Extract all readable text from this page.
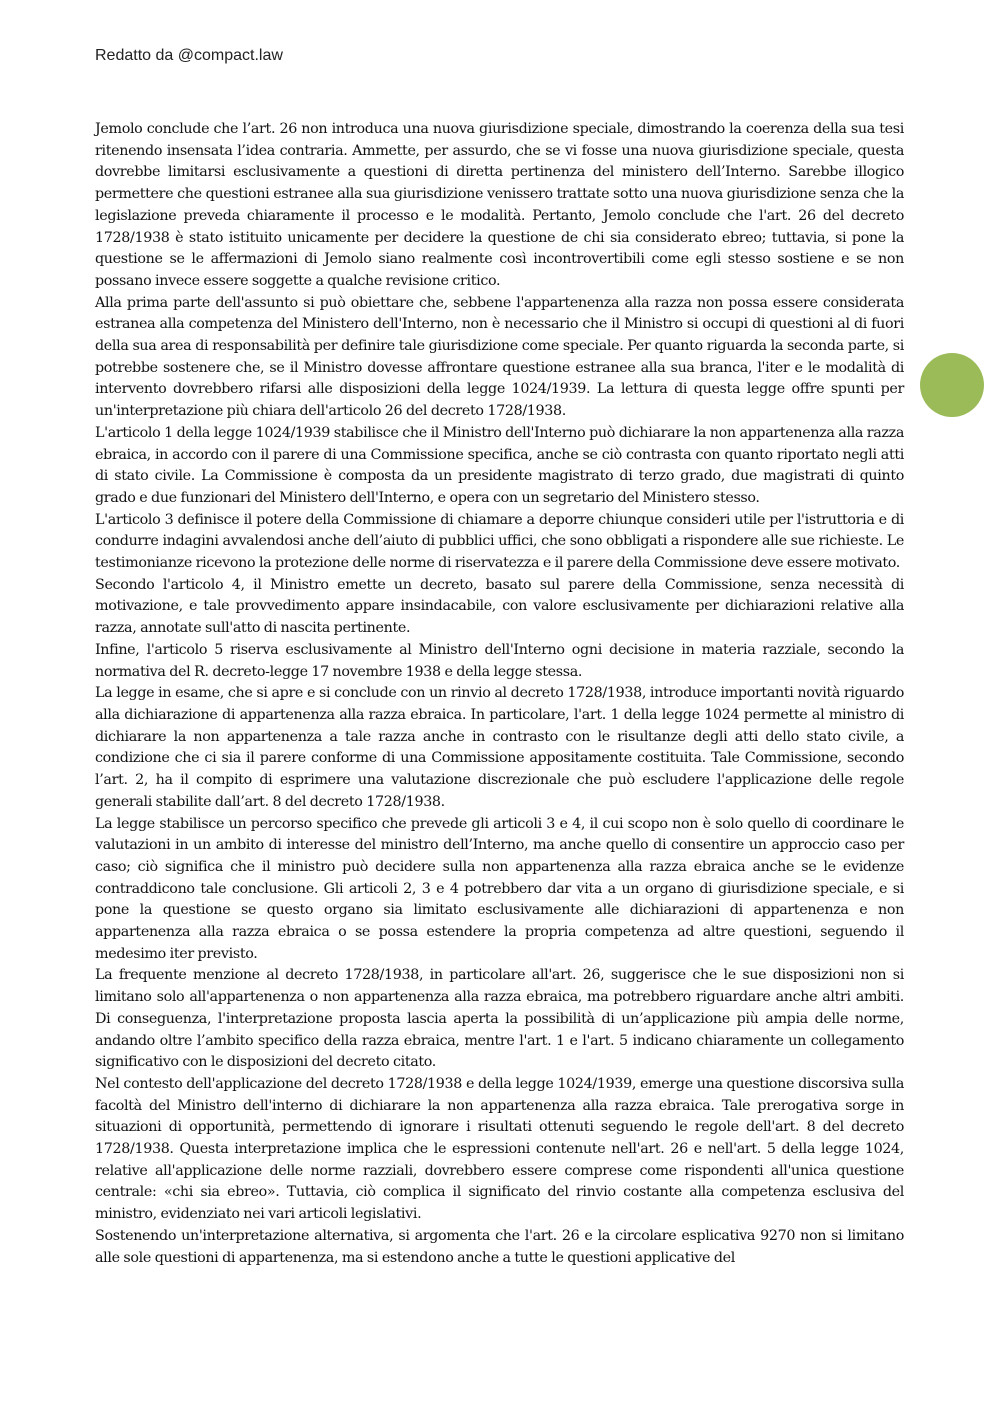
Redatto da @compact.law

Jemolo conclude che l’art. 26 non introduca una nuova giurisdizione speciale, dimostrando la coerenza della sua tesi ritenendo insensata l’idea contraria. Ammette, per assurdo, che se vi fosse una nuova giurisdizione speciale, questa dovrebbe limitarsi esclusivamente a questioni di diretta pertinenza del ministero dell’Interno. Sarebbe illogico permettere che questioni estranee alla sua giurisdizione venissero trattate sotto una nuova giurisdizione senza che la legislazione preveda chiaramente il processo e le modalità. Pertanto, Jemolo conclude che l'art. 26 del decreto 1728/1938 è stato istituito unicamente per decidere la questione de chi sia considerato ebreo; tuttavia, si pone la questione se le affermazioni di Jemolo siano realmente così incontrovertibili come egli stesso sostiene e se non possano invece essere soggette a qualche revisione critico.

Alla prima parte dell'assunto si può obiettare che, sebbene l'appartenenza alla razza non possa essere considerata estranea alla competenza del Ministero dell'Interno, non è necessario che il Ministro si occupi di questioni al di fuori della sua area di responsabilità per definire tale giurisdizione come speciale. Per quanto riguarda la seconda parte, si potrebbe sostenere che, se il Ministro dovesse affrontare questione estranee alla sua branca, l'iter e le modalità di intervento dovrebbero rifarsi alle disposizioni della legge 1024/1939. La lettura di questa legge offre spunti per un'interpretazione più chiara dell'articolo 26 del decreto 1728/1938.

L'articolo 1 della legge 1024/1939 stabilisce che il Ministro dell'Interno può dichiarare la non appartenenza alla razza ebraica, in accordo con il parere di una Commissione specifica, anche se ciò contrasta con quanto riportato negli atti di stato civile. La Commissione è composta da un presidente magistrato di terzo grado, due magistrati di quinto grado e due funzionari del Ministero dell'Interno, e opera con un segretario del Ministero stesso.

L'articolo 3 definisce il potere della Commissione di chiamare a deporre chiunque consideri utile per l'istruttoria e di condurre indagini avvalendosi anche dell’aiuto di pubblici uffici, che sono obbligati a rispondere alle sue richieste. Le testimonianze ricevono la protezione delle norme di riservatezza e il parere della Commissione deve essere motivato.

Secondo l'articolo 4, il Ministro emette un decreto, basato sul parere della Commissione, senza necessità di motivazione, e tale provvedimento appare insindacabile, con valore esclusivamente per dichiarazioni relative alla razza, annotate sull'atto di nascita pertinente.

Infine, l'articolo 5 riserva esclusivamente al Ministro dell'Interno ogni decisione in materia razziale, secondo la normativa del R. decreto-legge 17 novembre 1938 e della legge stessa.

La legge in esame, che si apre e si conclude con un rinvio al decreto 1728/1938, introduce importanti novità riguardo alla dichiarazione di appartenenza alla razza ebraica. In particolare, l'art. 1 della legge 1024 permette al ministro di dichiarare la non appartenenza a tale razza anche in contrasto con le risultanze degli atti dello stato civile, a condizione che ci sia il parere conforme di una Commissione appositamente costituita. Tale Commissione, secondo l’art. 2, ha il compito di esprimere una valutazione discrezionale che può escludere l'applicazione delle regole generali stabilite dall’art. 8 del decreto 1728/1938.

La legge stabilisce un percorso specifico che prevede gli articoli 3 e 4, il cui scopo non è solo quello di coordinare le valutazioni in un ambito di interesse del ministro dell’Interno, ma anche quello di consentire un approccio caso per caso; ciò significa che il ministro può decidere sulla non appartenenza alla razza ebraica anche se le evidenze contraddicono tale conclusione. Gli articoli 2, 3 e 4 potrebbero dar vita a un organo di giurisdizione speciale, e si pone la questione se questo organo sia limitato esclusivamente alle dichiarazioni di appartenenza e non appartenenza alla razza ebraica o se possa estendere la propria competenza ad altre questioni, seguendo il medesimo iter previsto.

La frequente menzione al decreto 1728/1938, in particolare all'art. 26, suggerisce che le sue disposizioni non si limitano solo all'appartenenza o non appartenenza alla razza ebraica, ma potrebbero riguardare anche altri ambiti. Di conseguenza, l'interpretazione proposta lascia aperta la possibilità di un’applicazione più ampia delle norme, andando oltre l’ambito specifico della razza ebraica, mentre l'art. 1 e l'art. 5 indicano chiaramente un collegamento significativo con le disposizioni del decreto citato.

Nel contesto dell'applicazione del decreto 1728/1938 e della legge 1024/1939, emerge una questione discorsiva sulla facoltà del Ministro dell'interno di dichiarare la non appartenenza alla razza ebraica. Tale prerogativa sorge in situazioni di opportunità, permettendo di ignorare i risultati ottenuti seguendo le regole dell'art. 8 del decreto 1728/1938. Questa interpretazione implica che le espressioni contenute nell'art. 26 e nell'art. 5 della legge 1024, relative all'applicazione delle norme razziali, dovrebbero essere comprese come rispondenti all'unica questione centrale: «chi sia ebreo». Tuttavia, ciò complica il significato del rinvio costante alla competenza esclusiva del ministro, evidenziato nei vari articoli legislativi.

Sostenendo un'interpretazione alternativa, si argomenta che l'art. 26 e la circolare esplicativa 9270 non si limitano alle sole questioni di appartenenza, ma si estendono anche a tutte le questioni applicative del
